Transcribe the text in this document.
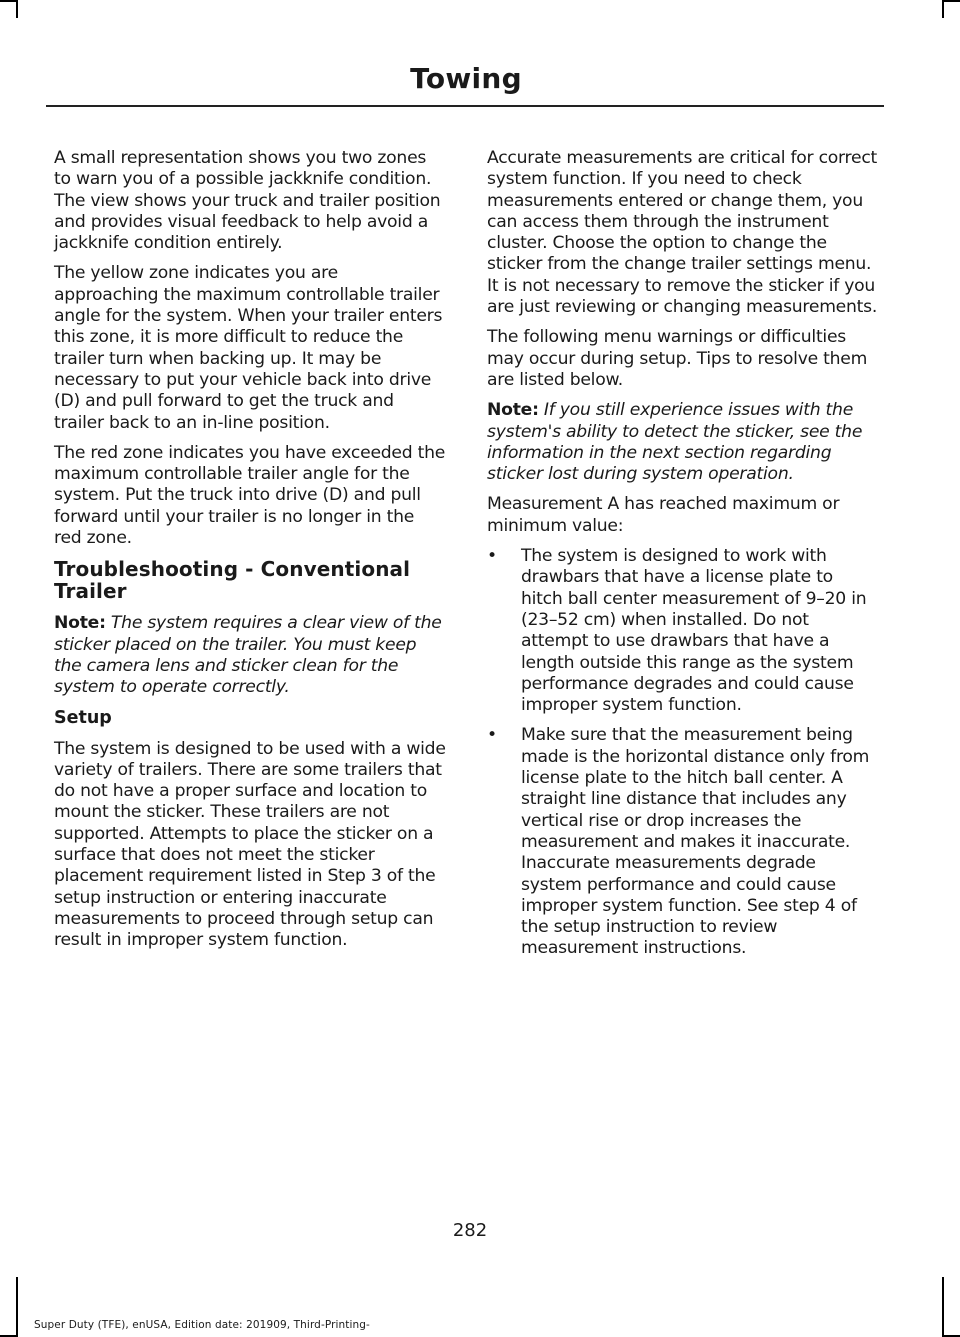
Towing

A small representation shows you two zones to warn you of a possible jackknife condition. The view shows your truck and trailer position and provides visual feedback to help avoid a jackknife condition entirely.

The yellow zone indicates you are approaching the maximum controllable trailer angle for the system. When your trailer enters this zone, it is more difficult to reduce the trailer turn when backing up. It may be necessary to put your vehicle back into drive (D) and pull forward to get the truck and trailer back to an in-line position.

The red zone indicates you have exceeded the maximum controllable trailer angle for the system. Put the truck into drive (D) and pull forward until your trailer is no longer in the red zone.

Troubleshooting - Conventional Trailer

Note: The system requires a clear view of the sticker placed on the trailer. You must keep the camera lens and sticker clean for the system to operate correctly.

Setup

The system is designed to be used with a wide variety of trailers. There are some trailers that do not have a proper surface and location to mount the sticker. These trailers are not supported. Attempts to place the sticker on a surface that does not meet the sticker placement requirement listed in Step 3 of the setup instruction or entering inaccurate measurements to proceed through setup can result in improper system function.

Accurate measurements are critical for correct system function. If you need to check measurements entered or change them, you can access them through the instrument cluster. Choose the option to change the sticker from the change trailer settings menu. It is not necessary to remove the sticker if you are just reviewing or changing measurements.

The following menu warnings or difficulties may occur during setup. Tips to resolve them are listed below.

Note: If you still experience issues with the system's ability to detect the sticker, see the information in the next section regarding sticker lost during system operation.

Measurement A has reached maximum or minimum value:

•	The system is designed to work with drawbars that have a license plate to hitch ball center measurement of 9–20 in (23–52 cm) when installed. Do not attempt to use drawbars that have a length outside this range as the system performance degrades and could cause improper system function.
•	Make sure that the measurement being made is the horizontal distance only from license plate to the hitch ball center. A straight line distance that includes any vertical rise or drop increases the measurement and makes it inaccurate. Inaccurate measurements degrade system performance and could cause improper system function. See step 4 of the setup instruction to review measurement instructions.
282
Super Duty (TFE), enUSA, Edition date: 201909, Third-Printing-
